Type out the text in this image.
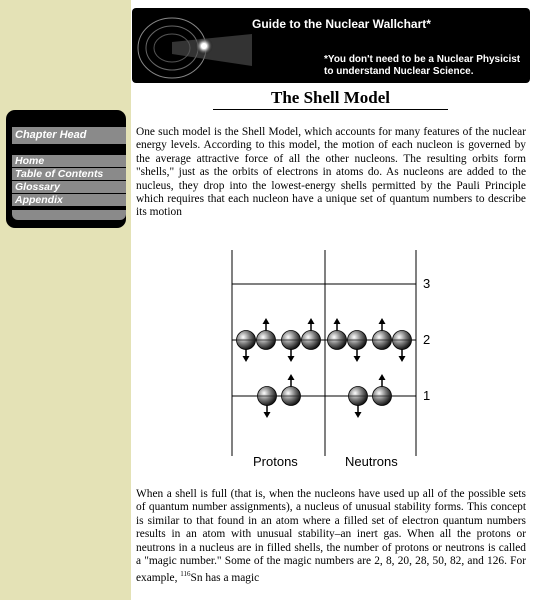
Guide to the Nuclear Wallchart*
*You don't need to be a Nuclear Physicist to understand Nuclear Science.
The Shell Model
Chapter Head
Home
Table of Contents
Glossary
Appendix

One such model is the Shell Model, which accounts for many features of the nuclear energy levels. According to this model, the motion of each nucleon is governed by the average attractive force of all the other nucleons. The resulting orbits form "shells," just as the orbits of electrons in atoms do. As nucleons are added to the nucleus, they drop into the lowest-energy shells permitted by the Pauli Principle which requires that each nucleon have a unique set of quantum numbers to describe its motion

3
2
1
Protons	Neutrons

When a shell is full (that is, when the nucleons have used up all of the possible sets of quantum number assignments), a nucleus of unusual stability forms. This concept is similar to that found in an atom where a filled set of electron quantum numbers results in an atom with unusual stability–an inert gas. When all the protons or neutrons in a nucleus are in filled shells, the number of protons or neutrons is called a "magic number." Some of the magic numbers are 2, 8, 20, 28, 50, 82, and 126. For example, $^{116}$Sn has a magic
